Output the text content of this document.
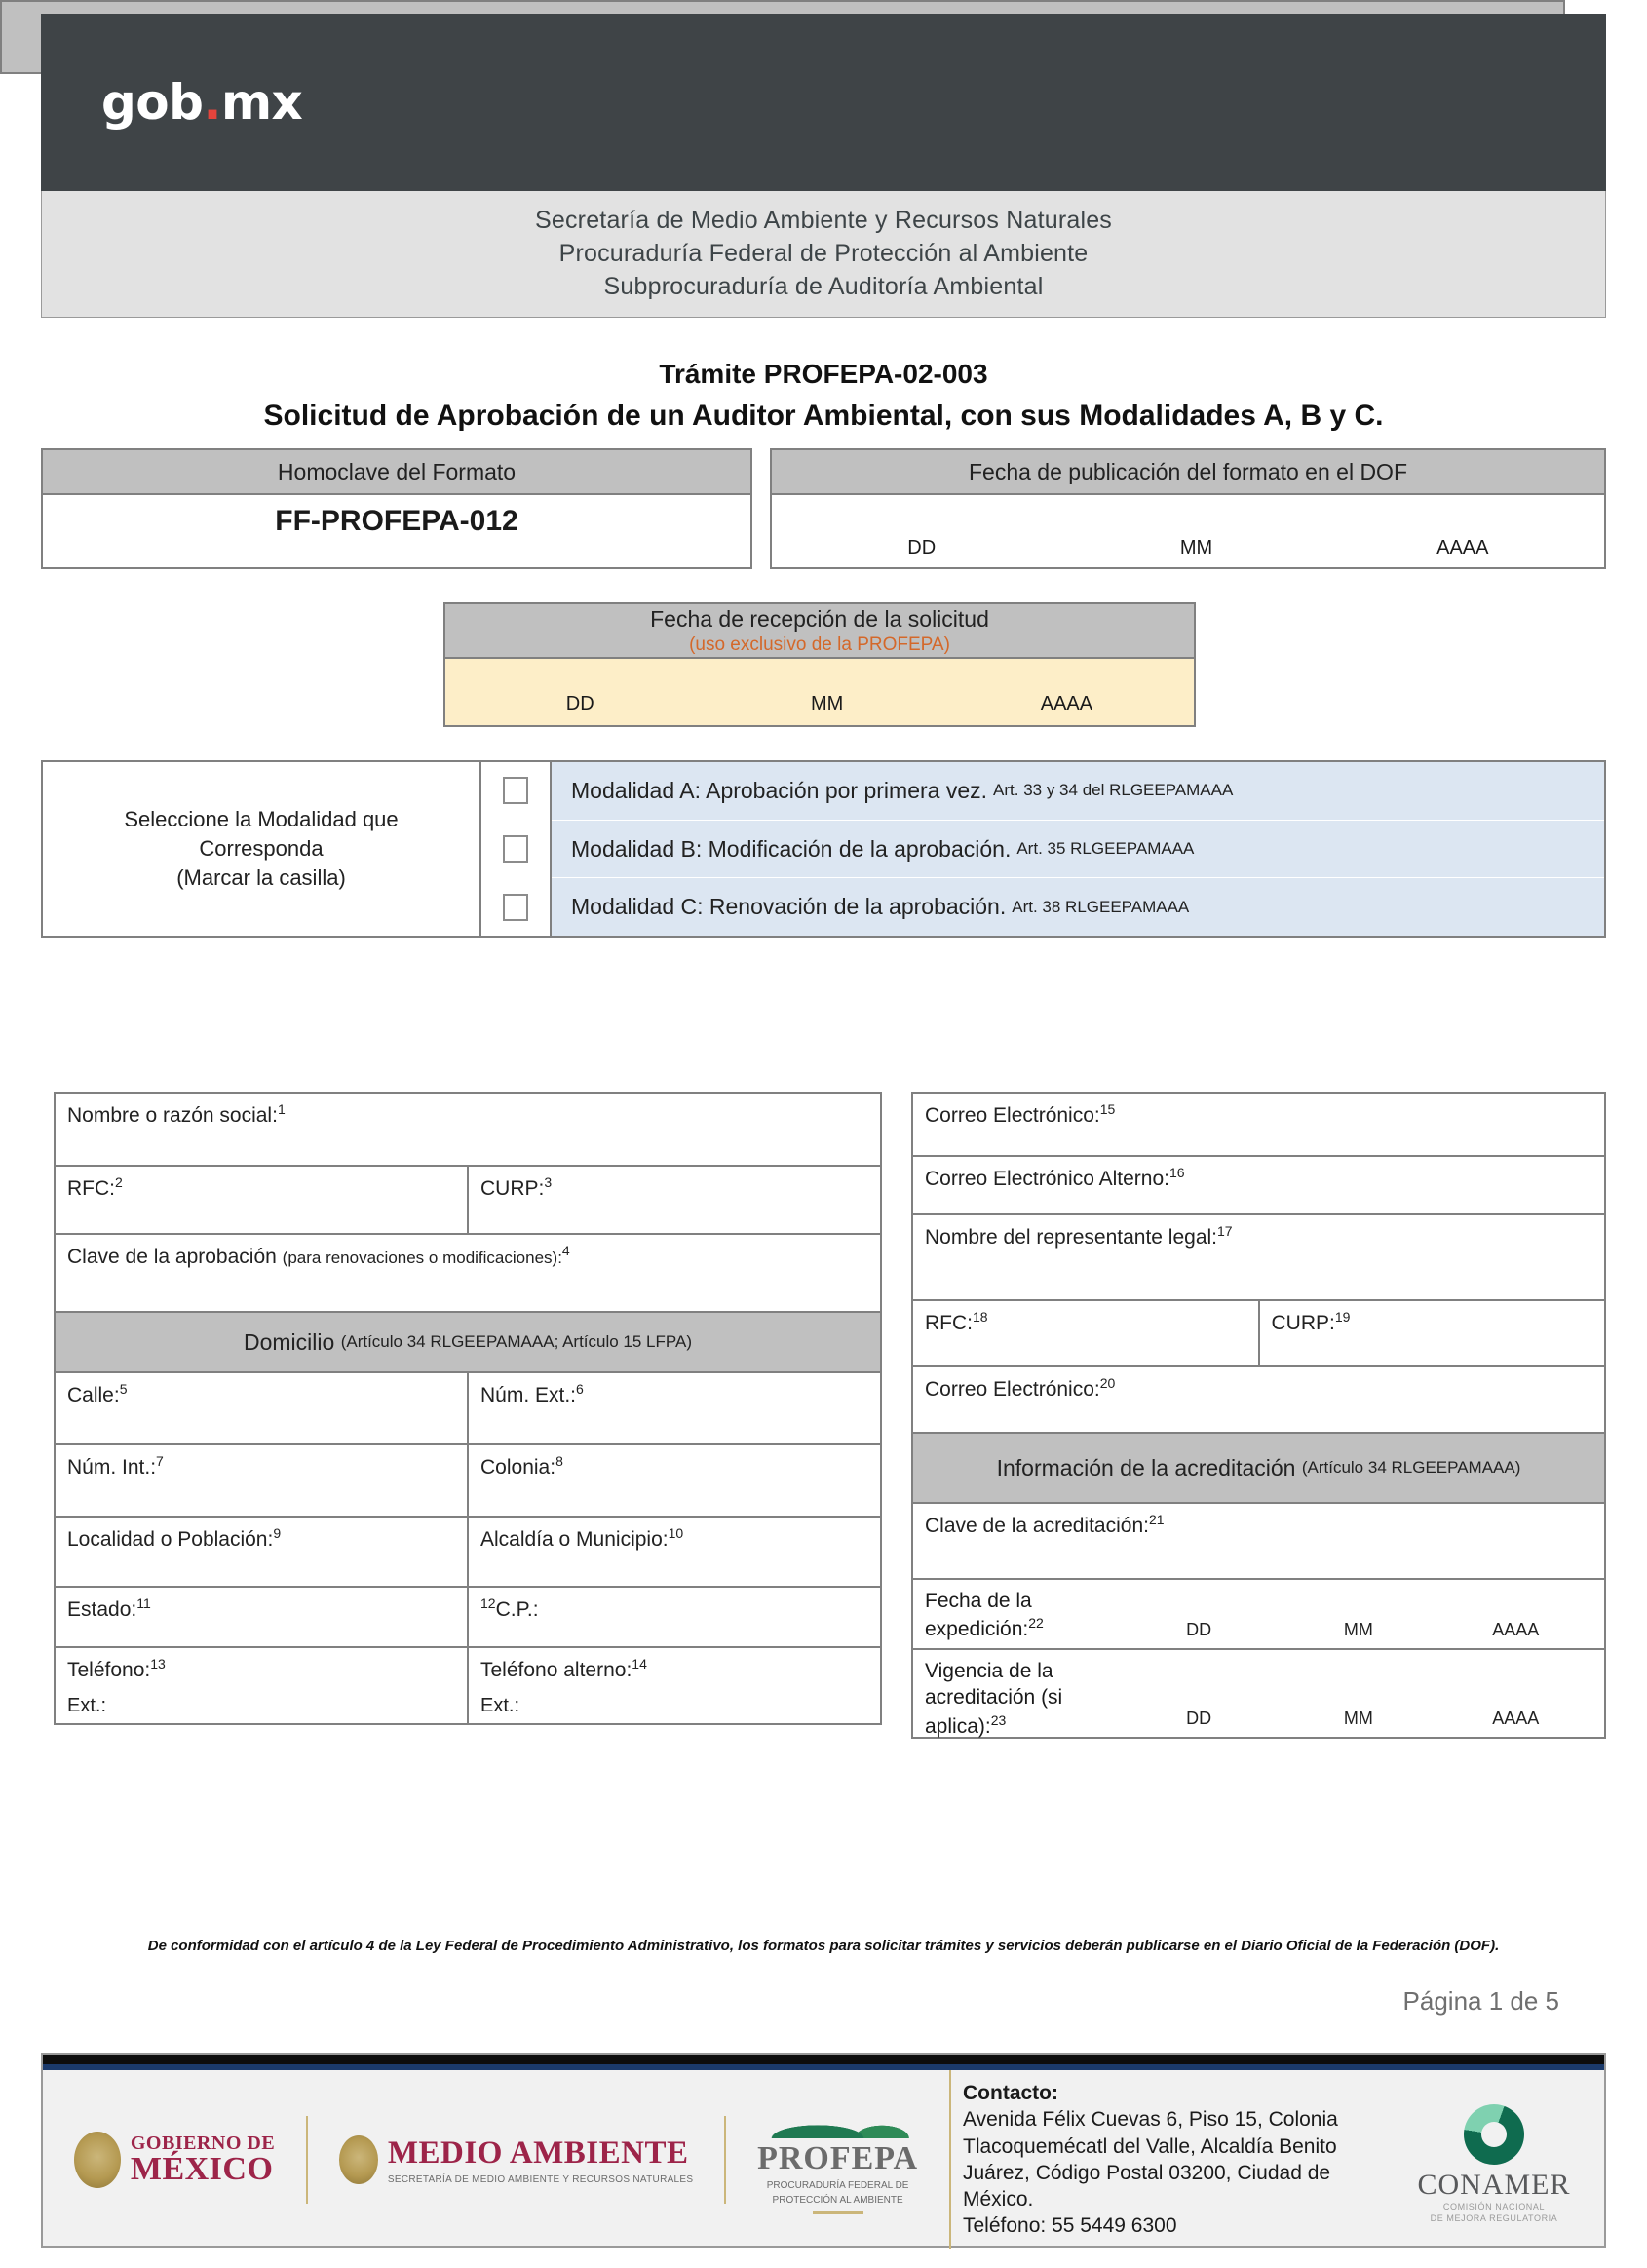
gob.mx
Secretaría de Medio Ambiente y Recursos Naturales
Procuraduría Federal de Protección al Ambiente
Subprocuraduría de Auditoría Ambiental
Trámite PROFEPA-02-003
Solicitud de Aprobación de un Auditor Ambiental, con sus Modalidades A, B y C.
Homoclave del Formato
FF-PROFEPA-012
Fecha de publicación del formato en el DOF
DD	MM	AAAA
Fecha de recepción de la solicitud
(uso exclusivo de la PROFEPA)
DD	MM	AAAA
Seleccione la Modalidad que
Corresponda
(Marcar la casilla)
Modalidad A: Aprobación por primera vez. Art. 33 y 34 del RLGEEPAMAAA
Modalidad B: Modificación de la aprobación. Art. 35 RLGEEPAMAAA
Modalidad C: Renovación de la aprobación. Art. 38 RLGEEPAMAAA
Nombre o razón social:$^1$
RFC:$^2$	CURP:$^3$
Clave de la aprobación (para renovaciones o modificaciones):$^4$
Domicilio
(Artículo 34 RLGEEPAMAAA; Artículo 15 LFPA)
Calle:$^5$	Núm. Ext.:$^6$
Núm. Int.:$^7$	Colonia:$^8$
Localidad o Población:$^9$	Alcaldía o Municipio:$^{10}$
Estado:$^{11}$	$^{12}$C.P.:
Teléfono:$^{13}$
Ext.:
Teléfono alterno:$^{14}$
Ext.:
Correo Electrónico:$^{15}$
Correo Electrónico Alterno:$^{16}$
Nombre del representante legal:$^{17}$
RFC:$^{18}$	CURP:$^{19}$
Correo Electrónico:$^{20}$
Información de la acreditación
(Artículo 34 RLGEEPAMAAA)
Clave de la acreditación:$^{21}$
Fecha de la
expedición:$^{22}$	DD	MM	AAAA
Vigencia de la
acreditación (si
aplica):$^{23}$	DD	MM	AAAA
De conformidad con el artículo 4 de la Ley Federal de Procedimiento Administrativo, los formatos para solicitar trámites y servicios deberán publicarse en el Diario Oficial de la Federación (DOF).
Página 1 de 5
GOBIERNO DE
MÉXICO	MEDIO AMBIENTE
SECRETARÍA DE MEDIO AMBIENTE Y RECURSOS NATURALES
PROFEPA
PROCURADURÍA FEDERAL DE
PROTECCIÓN AL AMBIENTE
Contacto:
Avenida Félix Cuevas 6, Piso 15, Colonia Tlacoquemécatl del Valle, Alcaldía Benito Juárez, Código Postal 03200, Ciudad de México.
Teléfono: 55 5449 6300
CONAMER
COMISIÓN NACIONAL
DE MEJORA REGULATORIA
